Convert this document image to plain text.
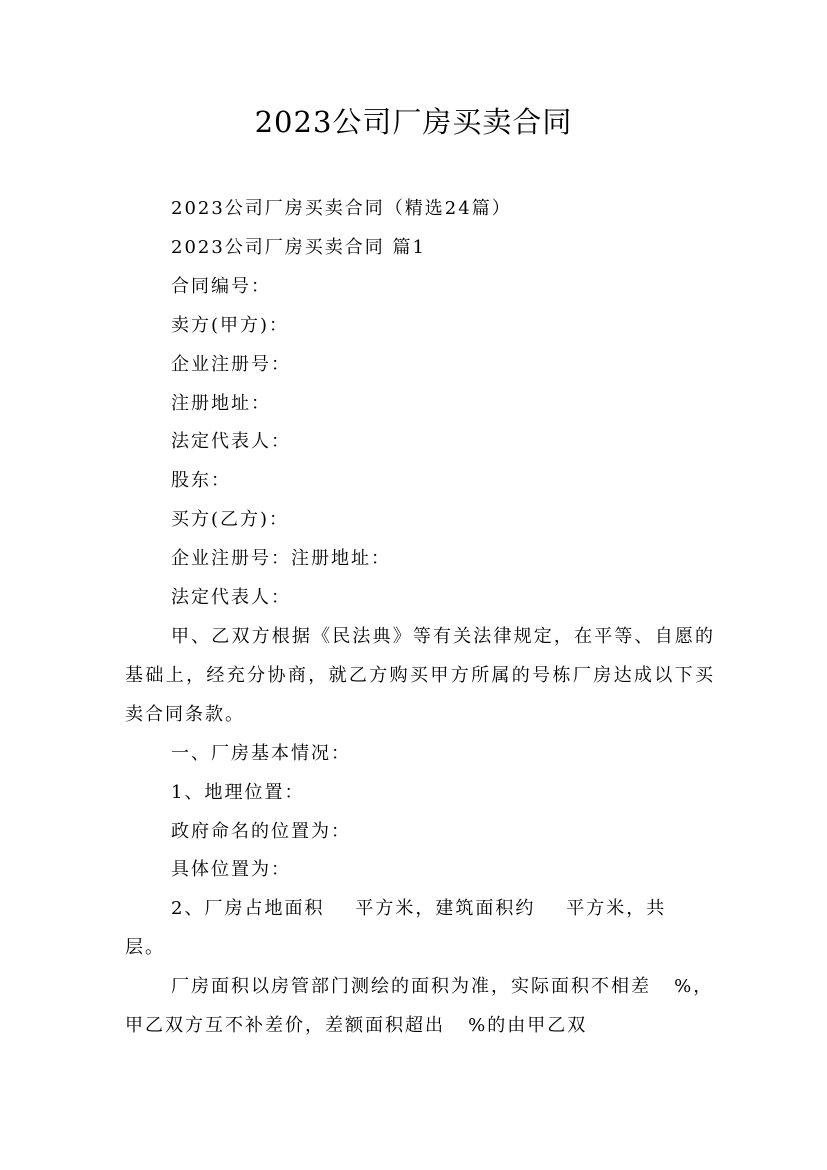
2023公司厂房买卖合同

2023公司厂房买卖合同（精选24篇）

2023公司厂房买卖合同 篇1

合同编号：

卖方(甲方)：

企业注册号：

注册地址：

法定代表人：

股东：

买方(乙方)：

企业注册号：注册地址：

法定代表人：

甲、乙双方根据《民法典》等有关法律规定，在平等、自愿的基础上，经充分协商，就乙方购买甲方所属的号栋厂房达成以下买卖合同条款。

一、厂房基本情况：

1、地理位置：

政府命名的位置为：

具体位置为：

2、厂房占地面积    平方米，建筑面积约    平方米，共    层。

厂房面积以房管部门测绘的面积为准，实际面积不相差   %，甲乙双方互不补差价，差额面积超出   %的由甲乙双
